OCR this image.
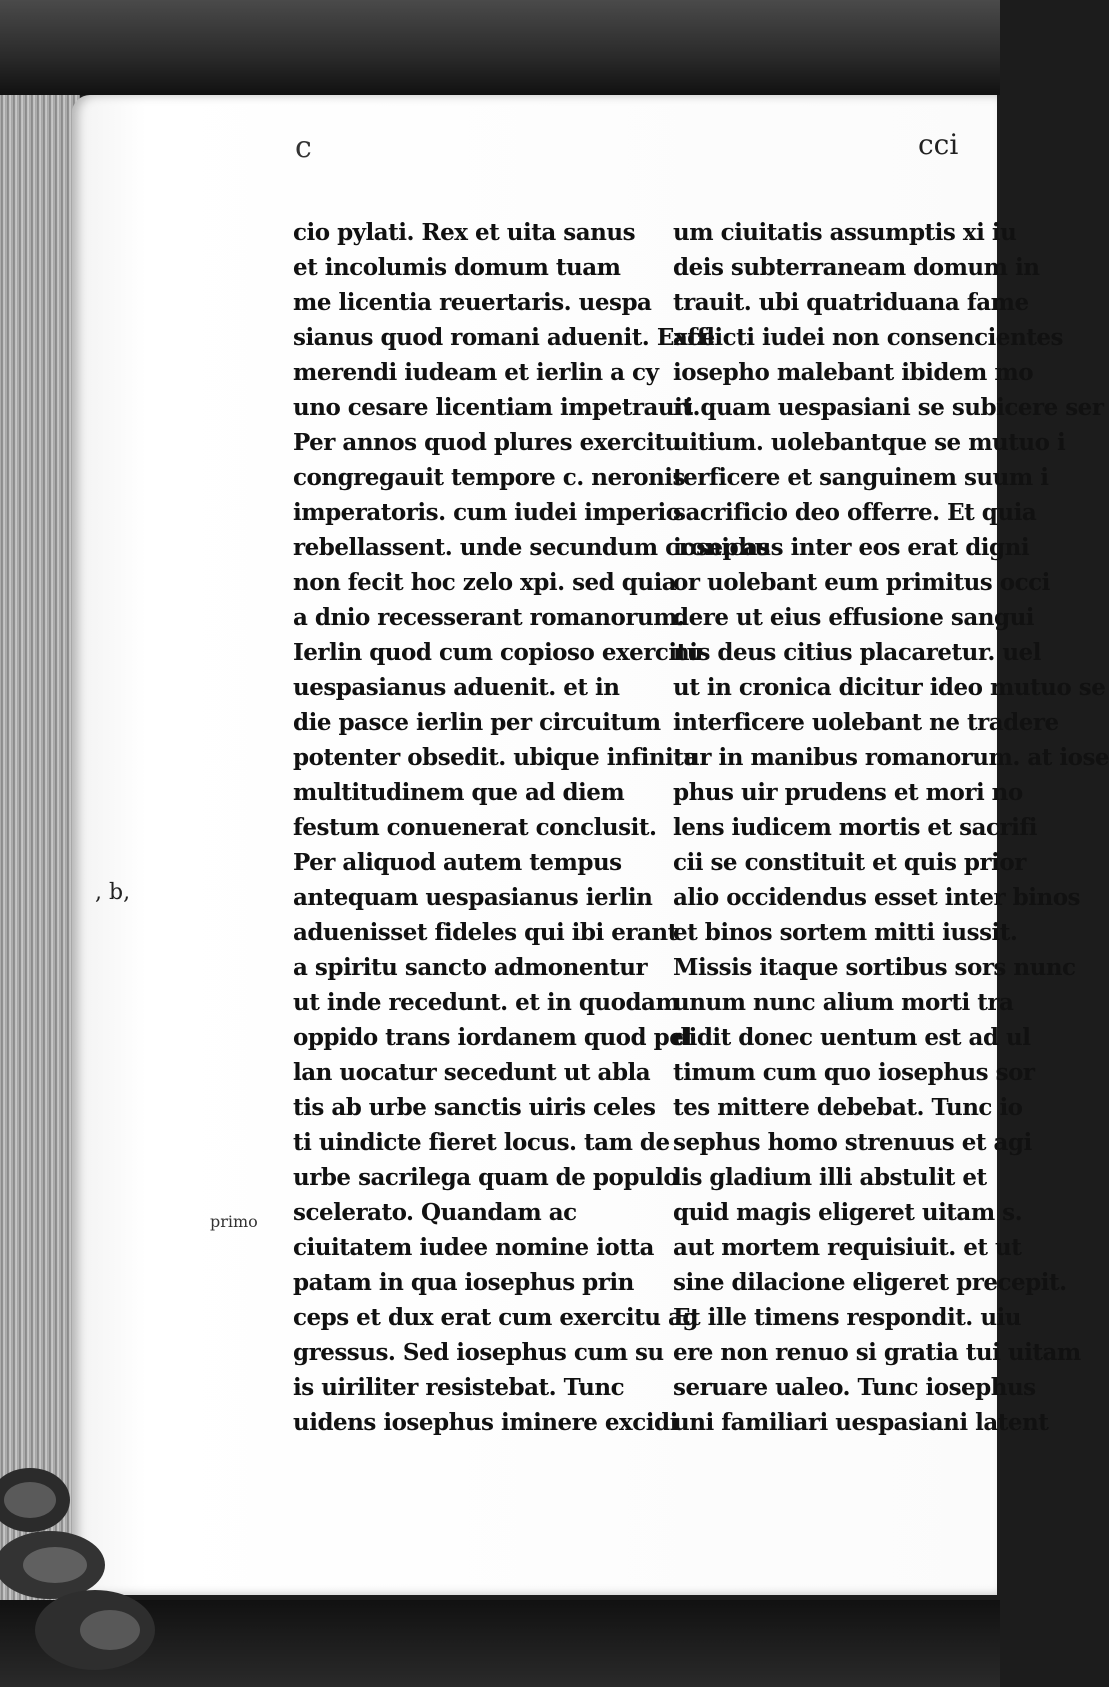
c	cci
, b,
primo
cio pylati. Rex et uita sanus
et incolumis domum tuam
me licentia reuertaris. uespa
sianus quod romani aduenit. Exce
merendi iudeam et ierlin a cy
uno cesare licentiam impetrauit.
Per annos quod plures exercitu
congregauit tempore c. neronis
imperatoris. cum iudei imperio
rebellassent. unde secundum cronicas
non fecit hoc zelo xpi. sed quia
a dnio recesserant romanorum.
Ierlin quod cum copioso exercitu
uespasianus aduenit. et in
die pasce ierlin per circuitum
potenter obsedit. ubique infinita
multitudinem que ad diem
festum conuenerat conclusit.
Per aliquod autem tempus
antequam uespasianus ierlin
aduenisset fideles qui ibi erant
a spiritu sancto admonentur
ut inde recedunt. et in quodam
oppido trans iordanem quod pel
lan uocatur secedunt ut abla
tis ab urbe sanctis uiris celes
ti uindicte fieret locus. tam de
urbe sacrilega quam de populo
scelerato. Quandam ac
ciuitatem iudee nomine iotta
patam in qua iosephus prin
ceps et dux erat cum exercitu ag
gressus. Sed iosephus cum su
is uiriliter resistebat. Tunc
uidens iosephus iminere excidi
um ciuitatis assumptis xi iu
deis subterraneam domum in
trauit. ubi quatriduana fame
afflicti iudei non consencientes
iosepho malebant ibidem mo
ri quam uespasiani se subicere ser
uitium. uolebantque se mutuo i
terficere et sanguinem suum i
sacrificio deo offerre. Et quia
iosephus inter eos erat digni
or uolebant eum primitus occi
dere ut eius effusione sangui
nis deus citius placaretur. uel
ut in cronica dicitur ideo mutuo se
interficere uolebant ne tradere
tur in manibus romanorum. at iose
phus uir prudens et mori no
lens iudicem mortis et sacrifi
cii se constituit et quis prior
alio occidendus esset inter binos
et binos sortem mitti iussit.
Missis itaque sortibus sors nunc
unum nunc alium morti tra
didit donec uentum est ad ul
timum cum quo iosephus sor
tes mittere debebat. Tunc io
sephus homo strenuus et agi
lis gladium illi abstulit et
quid magis eligeret uitam s.
aut mortem requisiuit. et ut
sine dilacione eligeret precepit.
Et ille timens respondit. uiu
ere non renuo si gratia tui uitam
seruare ualeo. Tunc iosephus
uni familiari uespasiani latent
